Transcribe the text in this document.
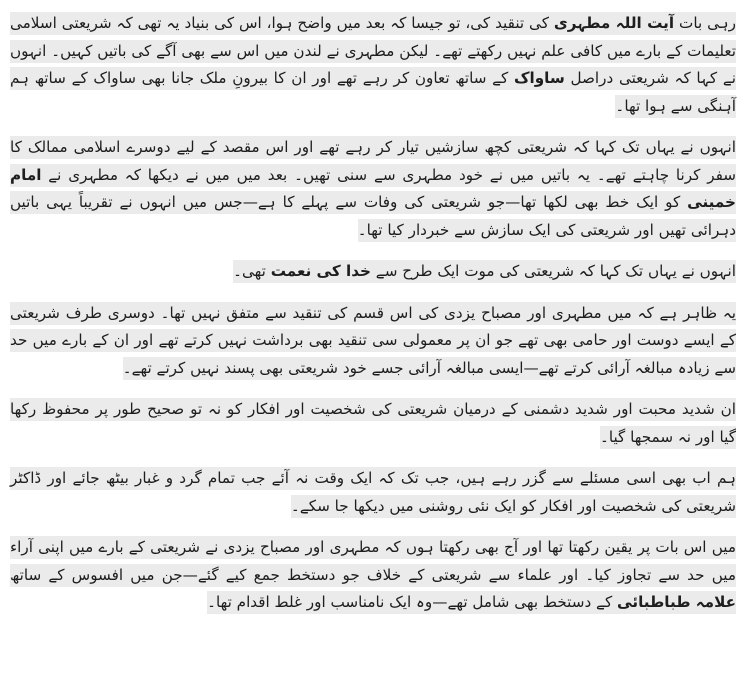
رہی بات آیت اللہ مطہری کی تنقید کی، تو جیسا کہ بعد میں واضح ہوا، اس کی بنیاد یہ تھی کہ شریعتی اسلامی تعلیمات کے بارے میں کافی علم نہیں رکھتے تھے۔ لیکن مطہری نے لندن میں اس سے بھی آگے کی باتیں کہیں۔ انہوں نے کہا کہ شریعتی دراصل ساواک کے ساتھ تعاون کر رہے تھے اور ان کا بیرونِ ملک جانا بھی ساواک کے ساتھ ہم آہنگی سے ہوا تھا۔

انہوں نے یہاں تک کہا کہ شریعتی کچھ سازشیں تیار کر رہے تھے اور اس مقصد کے لیے دوسرے اسلامی ممالک کا سفر کرنا چاہتے تھے۔ یہ باتیں میں نے خود مطہری سے سنی تھیں۔ بعد میں میں نے دیکھا کہ مطہری نے امام خمینی کو ایک خط بھی لکھا تھا—جو شریعتی کی وفات سے پہلے کا ہے—جس میں انہوں نے تقریباً یہی باتیں دہرائی تھیں اور شریعتی کی ایک سازش سے خبردار کیا تھا۔

انہوں نے یہاں تک کہا کہ شریعتی کی موت ایک طرح سے خدا کی نعمت تھی۔

یہ ظاہر ہے کہ میں مطہری اور مصباح یزدی کی اس قسم کی تنقید سے متفق نہیں تھا۔ دوسری طرف شریعتی کے ایسے دوست اور حامی بھی تھے جو ان پر معمولی سی تنقید بھی برداشت نہیں کرتے تھے اور ان کے بارے میں حد سے زیادہ مبالغہ آرائی کرتے تھے—ایسی مبالغہ آرائی جسے خود شریعتی بھی پسند نہیں کرتے تھے۔

ان شدید محبت اور شدید دشمنی کے درمیان شریعتی کی شخصیت اور افکار کو نہ تو صحیح طور پر محفوظ رکھا گیا اور نہ سمجھا گیا۔

ہم اب بھی اسی مسئلے سے گزر رہے ہیں، جب تک کہ ایک وقت نہ آئے جب تمام گرد و غبار بیٹھ جائے اور ڈاکٹر شریعتی کی شخصیت اور افکار کو ایک نئی روشنی میں دیکھا جا سکے۔

میں اس بات پر یقین رکھتا تھا اور آج بھی رکھتا ہوں کہ مطہری اور مصباح یزدی نے شریعتی کے بارے میں اپنی آراء میں حد سے تجاوز کیا۔ اور علماء سے شریعتی کے خلاف جو دستخط جمع کیے گئے—جن میں افسوس کے ساتھ علامہ طباطبائی کے دستخط بھی شامل تھے—وہ ایک نامناسب اور غلط اقدام تھا۔
